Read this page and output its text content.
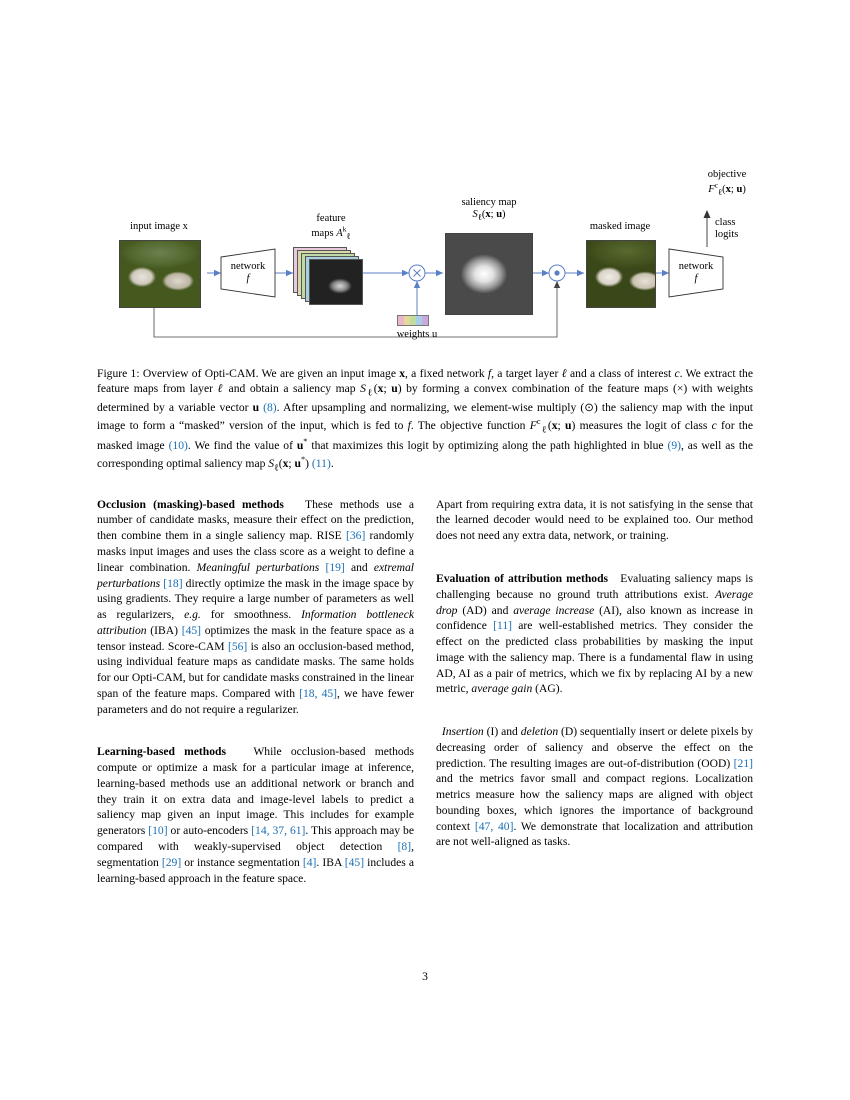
input image x
network
f
feature
maps $A^k_\ell$
weights u
saliency map
$S_\ell(x$; u)
masked image
network
f
class
logits
objective
$F^c_\ell(x$; u)
Figure 1: Overview of Opti-CAM. We are given an input image x, a fixed network f, a target layer ℓ and a class of interest c. We extract the feature maps from layer ℓ and obtain a saliency map $S_\ell(x$; u) by forming a convex combination of the feature maps (×) with weights determined by a variable vector u (8). After upsampling and normalizing, we element-wise multiply (⊙) the saliency map with the input image to form a “masked” version of the input, which is fed to f. The objective function $F^c_\ell(x$; u) measures the logit of class c for the masked image (10). We find the value of u* that maximizes this logit by optimizing along the path highlighted in blue (9), as well as the corresponding optimal saliency map $S_\ell(x$; u*) (11).

Occlusion (masking)-based methods   These methods use a number of candidate masks, measure their effect on the prediction, then combine them in a single saliency map. RISE [36] randomly masks input images and uses the class score as a weight to define a linear combination. Meaningful perturbations [19] and extremal perturbations [18] directly optimize the mask in the image space by using gradients. They require a large number of parameters as well as regularizers, e.g. for smoothness. Information bottleneck attribution (IBA) [45] optimizes the mask in the feature space as a tensor instead. Score-CAM [56] is also an occlusion-based method, using individual feature maps as candidate masks. The same holds for our Opti-CAM, but for candidate masks constrained in the linear span of the feature maps. Compared with [18, 45], we have fewer parameters and do not require a regularizer.

Learning-based methods   While occlusion-based methods compute or optimize a mask for a particular image at inference, learning-based methods use an additional network or branch and they train it on extra data and image-level labels to predict a saliency map given an input image. This includes for example generators [10] or auto-encoders [14, 37, 61]. This approach may be compared with weakly-supervised object detection [8], segmentation [29] or instance segmentation [4]. IBA [45] includes a learning-based approach in the feature space.

Apart from requiring extra data, it is not satisfying in the sense that the learned decoder would need to be explained too. Our method does not need any extra data, network, or training.

Evaluation of attribution methods   Evaluating saliency maps is challenging because no ground truth attributions exist. Average drop (AD) and average increase (AI), also known as increase in confidence [11] are well-established metrics. They consider the effect on the predicted class probabilities by masking the input image with the saliency map. There is a fundamental flaw in using AD, AI as a pair of metrics, which we fix by replacing AI by a new metric, average gain (AG).

Insertion (I) and deletion (D) sequentially insert or delete pixels by decreasing order of saliency and observe the effect on the prediction. The resulting images are out-of-distribution (OOD) [21] and the metrics favor small and compact regions. Localization metrics measure how the saliency maps are aligned with object bounding boxes, which ignores the importance of background context [47, 40]. We demonstrate that localization and attribution are not well-aligned as tasks.

3
